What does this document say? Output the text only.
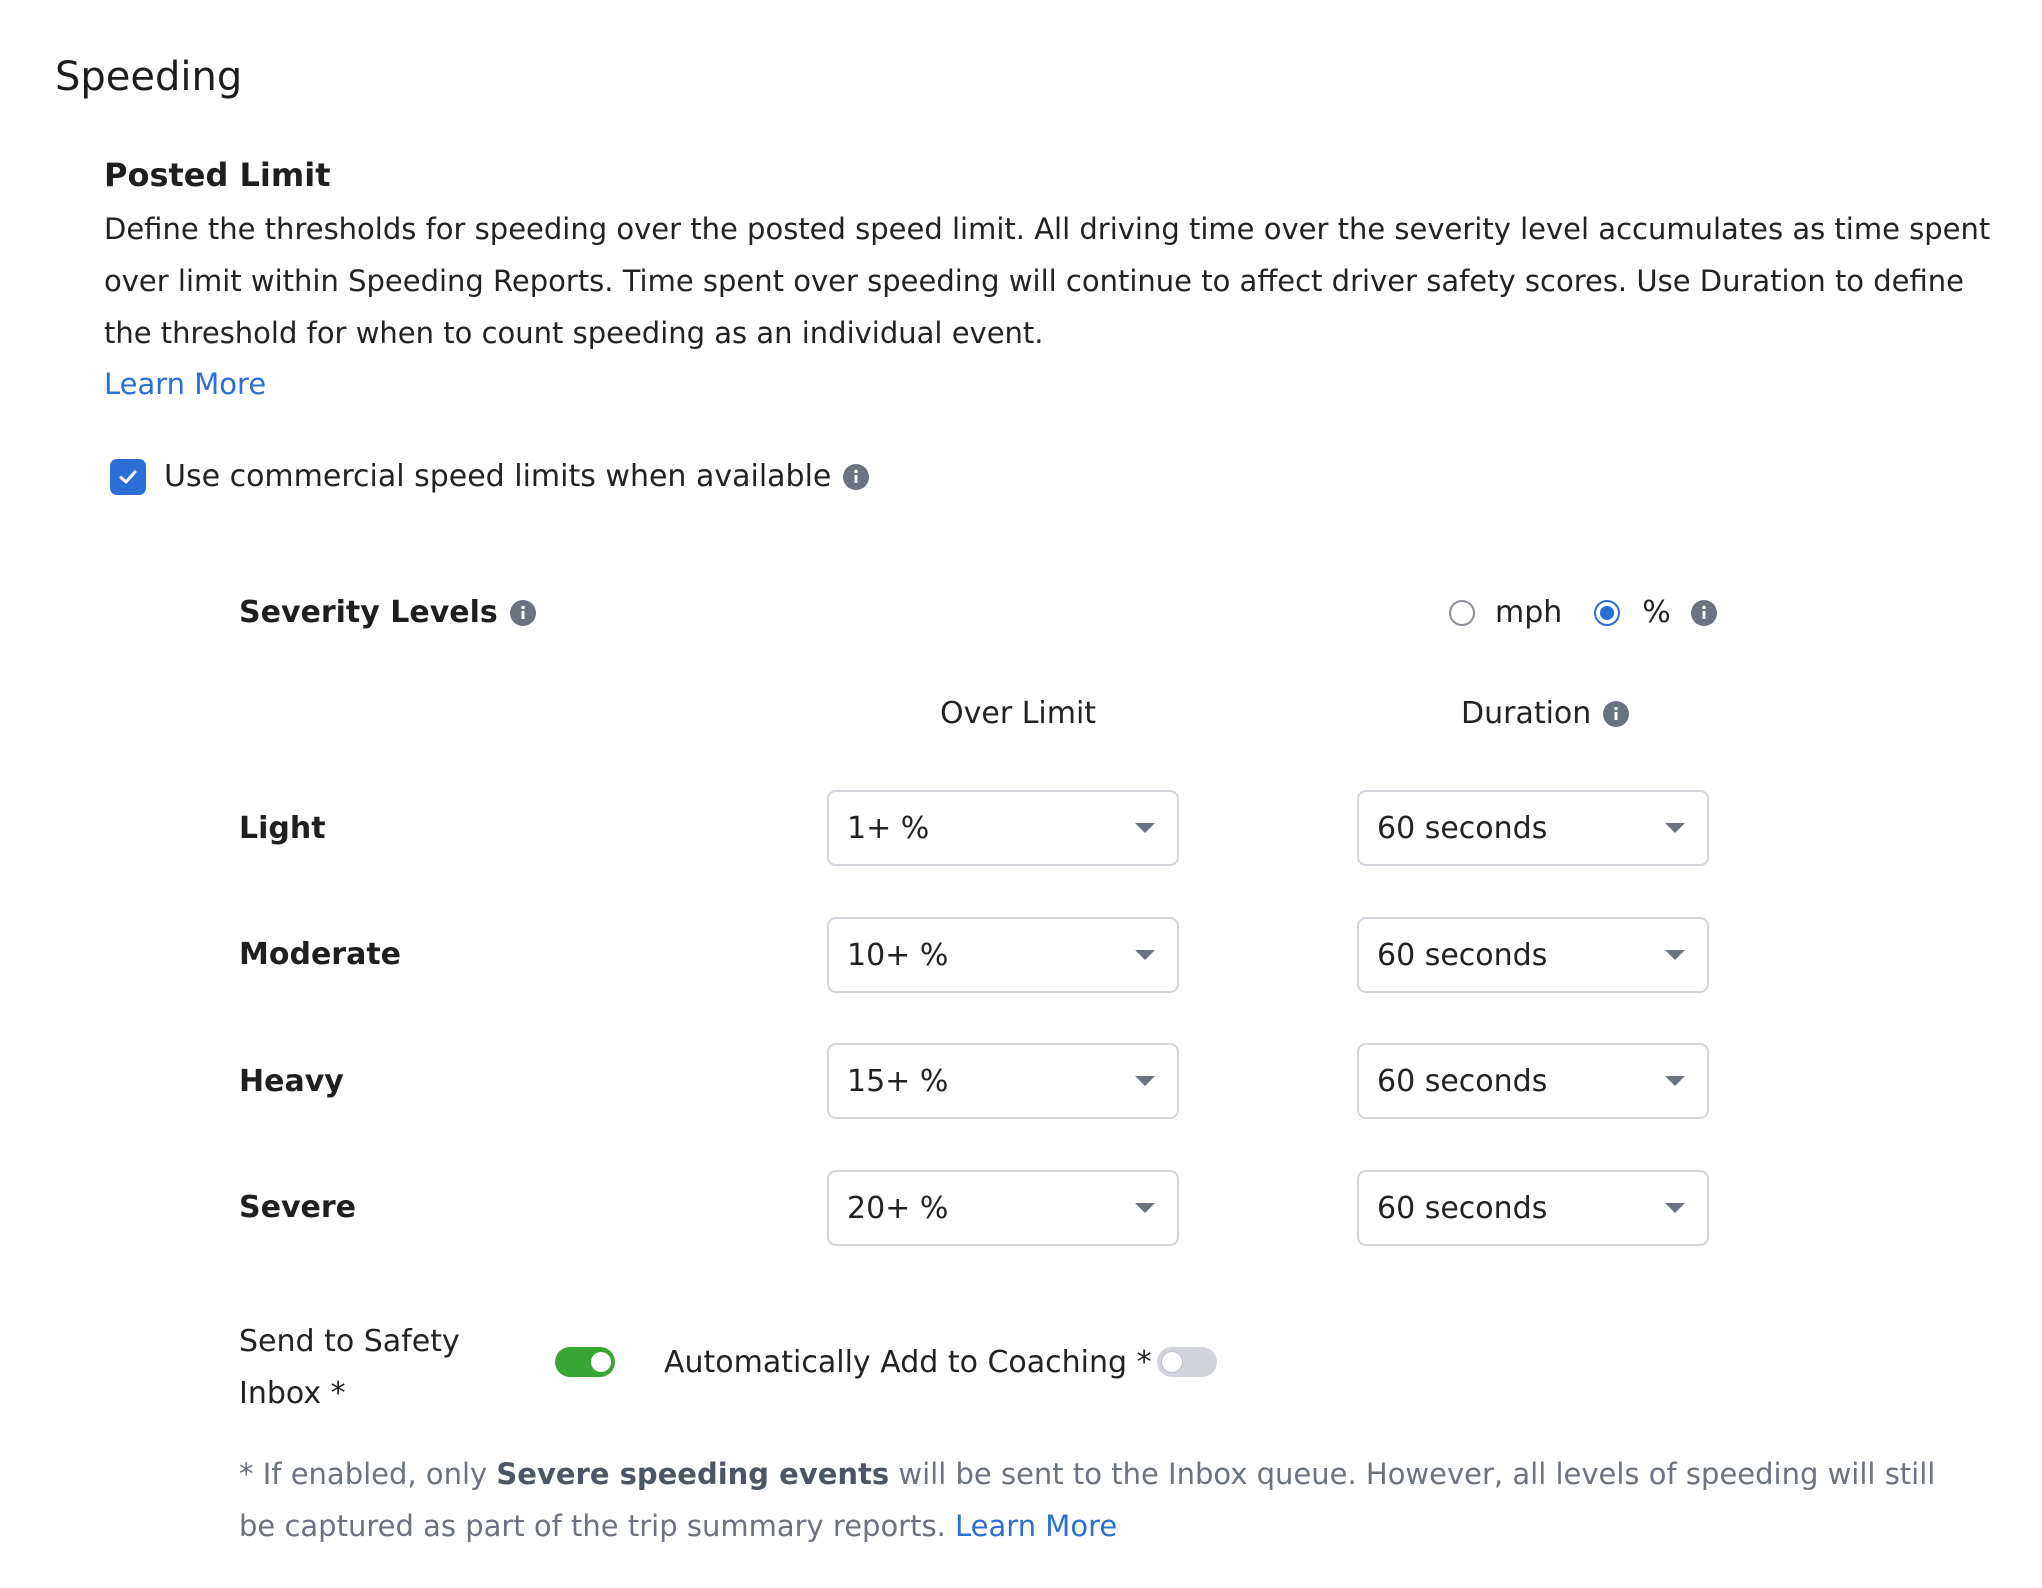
Speeding
Posted Limit
Define the thresholds for speeding over the posted speed limit. All driving time over the severity level accumulates as time spent over limit within Speeding Reports. Time spent over speeding will continue to affect driver safety scores. Use Duration to define the threshold for when to count speeding as an individual event.
Learn More
Use commercial speed limits when available
Severity Levels	mph	%
Over Limit	Duration
Light	1+ %	60 seconds
Moderate	10+ %	60 seconds
Heavy	15+ %	60 seconds
Severe	20+ %	60 seconds
Send to Safety
Inbox *
Automatically Add to Coaching *
* If enabled, only Severe speeding events will be sent to the Inbox queue. However, all levels of speeding will still be captured as part of the trip summary reports. Learn More
